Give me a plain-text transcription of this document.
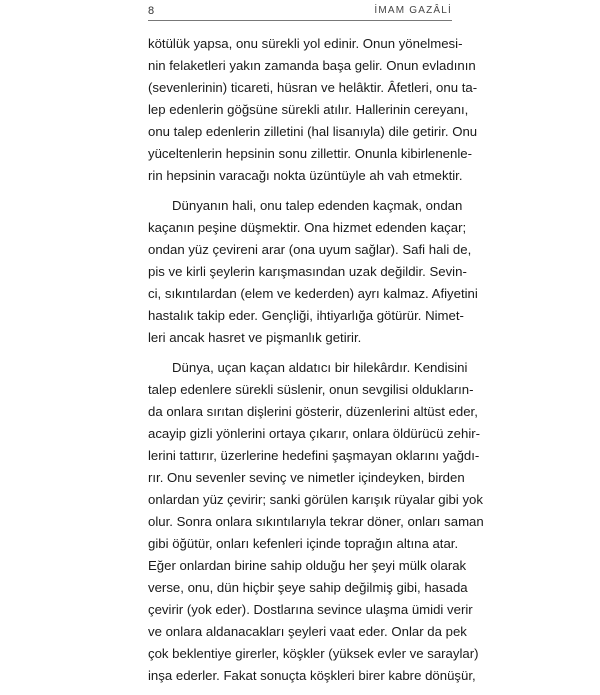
8	İMAM GAZÂLİ

kötülük yapsa, onu sürekli yol edinir. Onun yönelmesi-
nin felaketleri yakın zamanda başa gelir. Onun evladının
(sevenlerinin) ticareti, hüsran ve helâktir. Âfetleri, onu ta-
lep edenlerin göğsüne sürekli atılır. Hallerinin cereyanı,
onu talep edenlerin zilletini (hal lisanıyla) dile getirir. Onu
yüceltenlerin hepsinin sonu zillettir. Onunla kibirlenenle-
rin hepsinin varacağı nokta üzüntüyle ah vah etmektir.

Dünyanın hali, onu talep edenden kaçmak, ondan
kaçanın peşine düşmektir. Ona hizmet edenden kaçar;
ondan yüz çevireni arar (ona uyum sağlar). Safi hali de,
pis ve kirli şeylerin karışmasından uzak değildir. Sevin-
ci, sıkıntılardan (elem ve kederden) ayrı kalmaz. Afiyetini
hastalık takip eder. Gençliği, ihtiyarlığa götürür. Nimet-
leri ancak hasret ve pişmanlık getirir.

Dünya, uçan kaçan aldatıcı bir hilekârdır. Kendisini
talep edenlere sürekli süslenir, onun sevgilisi oldukların-
da onlara sırıtan dişlerini gösterir, düzenlerini altüst eder,
acayip gizli yönlerini ortaya çıkarır, onlara öldürücü zehir-
lerini tattırır, üzerlerine hedefini şaşmayan oklarını yağdı-
rır. Onu sevenler sevinç ve nimetler içindeyken, birden
onlardan yüz çevirir; sanki görülen karışık rüyalar gibi yok
olur. Sonra onlara sıkıntılarıyla tekrar döner, onları saman
gibi öğütür, onları kefenleri içinde toprağın altına atar.
Eğer onlardan birine sahip olduğu her şeyi mülk olarak
verse, onu, dün hiçbir şeye sahip değilmiş gibi, hasada
çevirir (yok eder). Dostlarına sevince ulaşma ümidi verir
ve onlara aldanacakları şeyleri vaat eder. Onlar da pek
çok beklentiye girerler, köşkler (yüksek evler ve saraylar)
inşa ederler. Fakat sonuçta köşkleri birer kabre dönüşür,
